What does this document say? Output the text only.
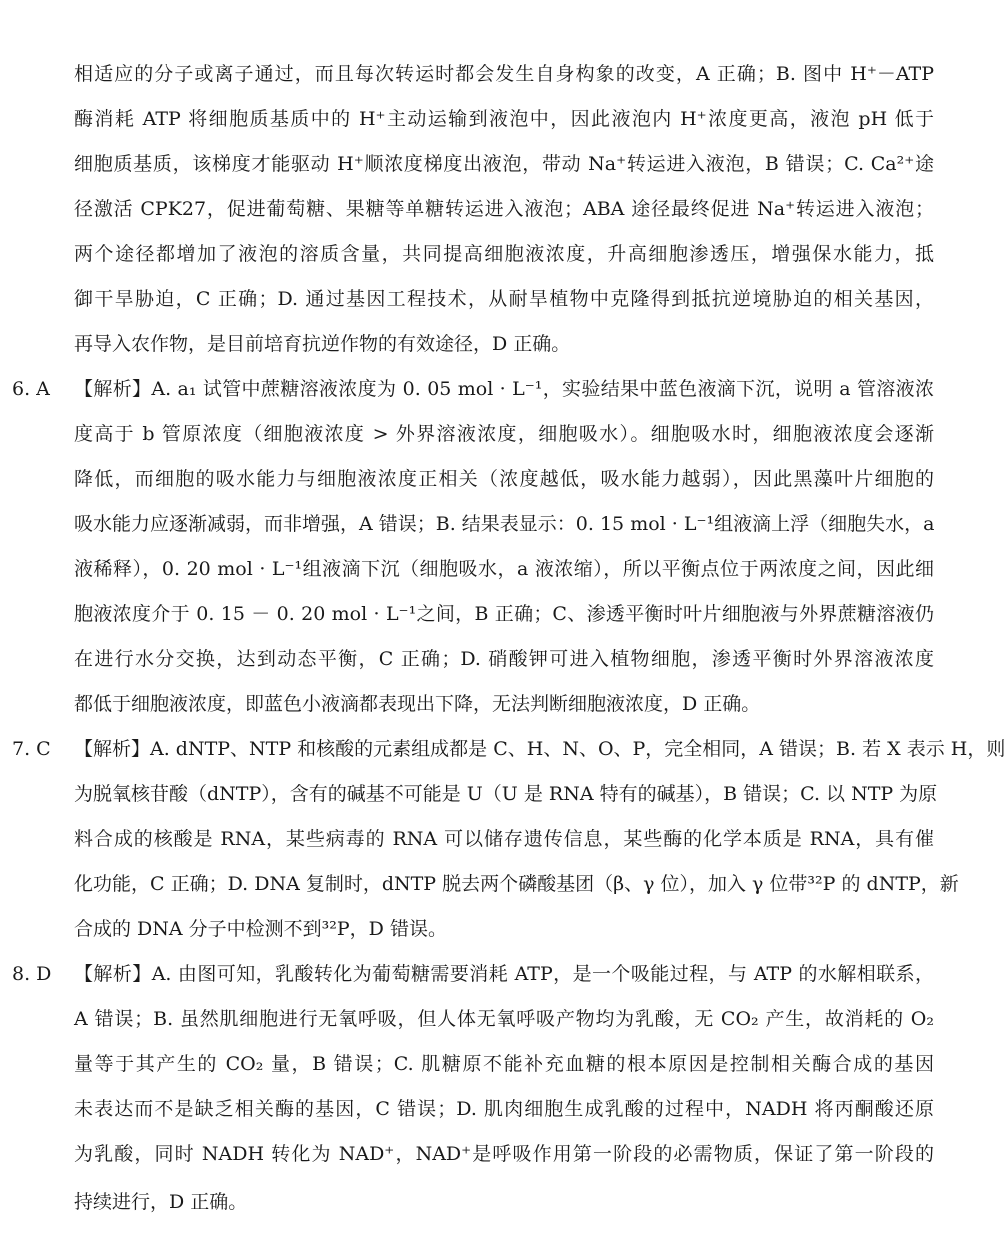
相适应的分子或离子通过，而且每次转运时都会发生自身构象的改变，A 正确；B. 图中 H⁺－ATP
酶消耗 ATP 将细胞质基质中的 H⁺主动运输到液泡中，因此液泡内 H⁺浓度更高，液泡 pH 低于
细胞质基质，该梯度才能驱动 H⁺顺浓度梯度出液泡，带动 Na⁺转运进入液泡，B 错误；C. Ca²⁺途
径激活 CPK27，促进葡萄糖、果糖等单糖转运进入液泡；ABA 途径最终促进 Na⁺转运进入液泡；
两个途径都增加了液泡的溶质含量，共同提高细胞液浓度，升高细胞渗透压，增强保水能力，抵
御干旱胁迫，C 正确；D. 通过基因工程技术，从耐旱植物中克隆得到抵抗逆境胁迫的相关基因，
再导入农作物，是目前培育抗逆作物的有效途径，D 正确。
6. A 【解析】A. a₁ 试管中蔗糖溶液浓度为 0. 05 mol · L⁻¹，实验结果中蓝色液滴下沉，说明 a 管溶液浓
度高于 b 管原浓度（细胞液浓度 > 外界溶液浓度，细胞吸水）。细胞吸水时，细胞液浓度会逐渐
降低，而细胞的吸水能力与细胞液浓度正相关（浓度越低，吸水能力越弱），因此黑藻叶片细胞的
吸水能力应逐渐减弱，而非增强，A 错误；B. 结果表显示：0. 15 mol · L⁻¹组液滴上浮（细胞失水，a
液稀释），0. 20 mol · L⁻¹组液滴下沉（细胞吸水，a 液浓缩），所以平衡点位于两浓度之间，因此细
胞液浓度介于 0. 15 － 0. 20 mol · L⁻¹之间，B 正确；C、渗透平衡时叶片细胞液与外界蔗糖溶液仍
在进行水分交换，达到动态平衡，C 正确；D. 硝酸钾可进入植物细胞，渗透平衡时外界溶液浓度
都低于细胞液浓度，即蓝色小液滴都表现出下降，无法判断细胞液浓度，D 正确。
7. C 【解析】A. dNTP、NTP 和核酸的元素组成都是 C、H、N、O、P，完全相同，A 错误；B. 若 X 表示 H，则
为脱氧核苷酸（dNTP），含有的碱基不可能是 U（U 是 RNA 特有的碱基），B 错误；C. 以 NTP 为原
料合成的核酸是 RNA，某些病毒的 RNA 可以储存遗传信息，某些酶的化学本质是 RNA，具有催
化功能，C 正确；D. DNA 复制时，dNTP 脱去两个磷酸基团（β、γ 位），加入 γ 位带³²P 的 dNTP，新
合成的 DNA 分子中检测不到³²P，D 错误。
8. D 【解析】A. 由图可知，乳酸转化为葡萄糖需要消耗 ATP，是一个吸能过程，与 ATP 的水解相联系，
A 错误；B. 虽然肌细胞进行无氧呼吸，但人体无氧呼吸产物均为乳酸，无 CO₂ 产生，故消耗的 O₂
量等于其产生的 CO₂ 量，B 错误；C. 肌糖原不能补充血糖的根本原因是控制相关酶合成的基因
未表达而不是缺乏相关酶的基因，C 错误；D. 肌肉细胞生成乳酸的过程中，NADH 将丙酮酸还原
为乳酸，同时 NADH 转化为 NAD⁺，NAD⁺是呼吸作用第一阶段的必需物质，保证了第一阶段的
持续进行，D 正确。
